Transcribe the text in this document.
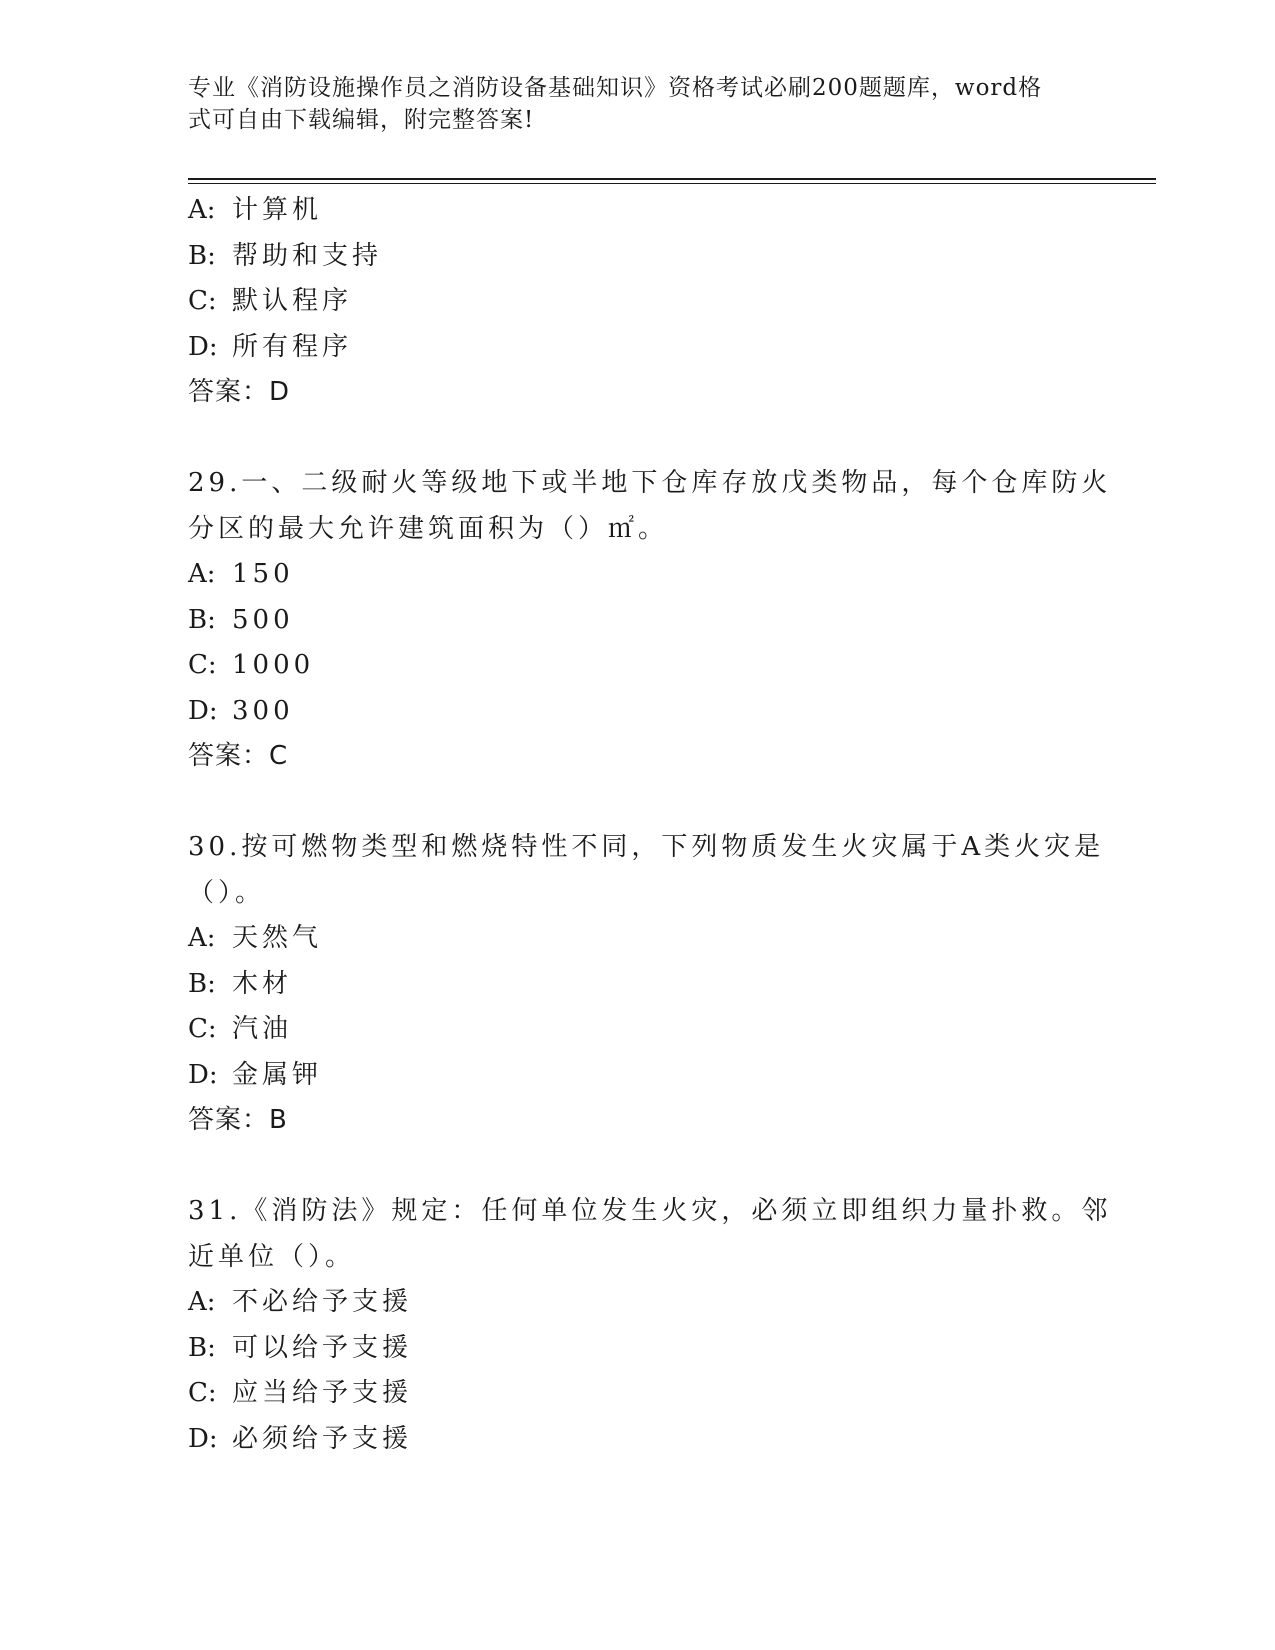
专业《消防设施操作员之消防设备基础知识》资格考试必刷200题题库，word格
式可自由下载编辑，附完整答案!
A: 计算机
B: 帮助和支持
C: 默认程序
D: 所有程序
答案：D
29.一、二级耐火等级地下或半地下仓库存放戊类物品，每个仓库防火
分区的最大允许建筑面积为（）㎡。
A: 150
B: 500
C: 1000
D: 300
答案：C
30.按可燃物类型和燃烧特性不同，下列物质发生火灾属于A类火灾是
（）。
A: 天然气
B: 木材
C: 汽油
D: 金属钾
答案：B
31.《消防法》规定：任何单位发生火灾，必须立即组织力量扑救。邻
近单位（）。
A: 不必给予支援
B: 可以给予支援
C: 应当给予支援
D: 必须给予支援
